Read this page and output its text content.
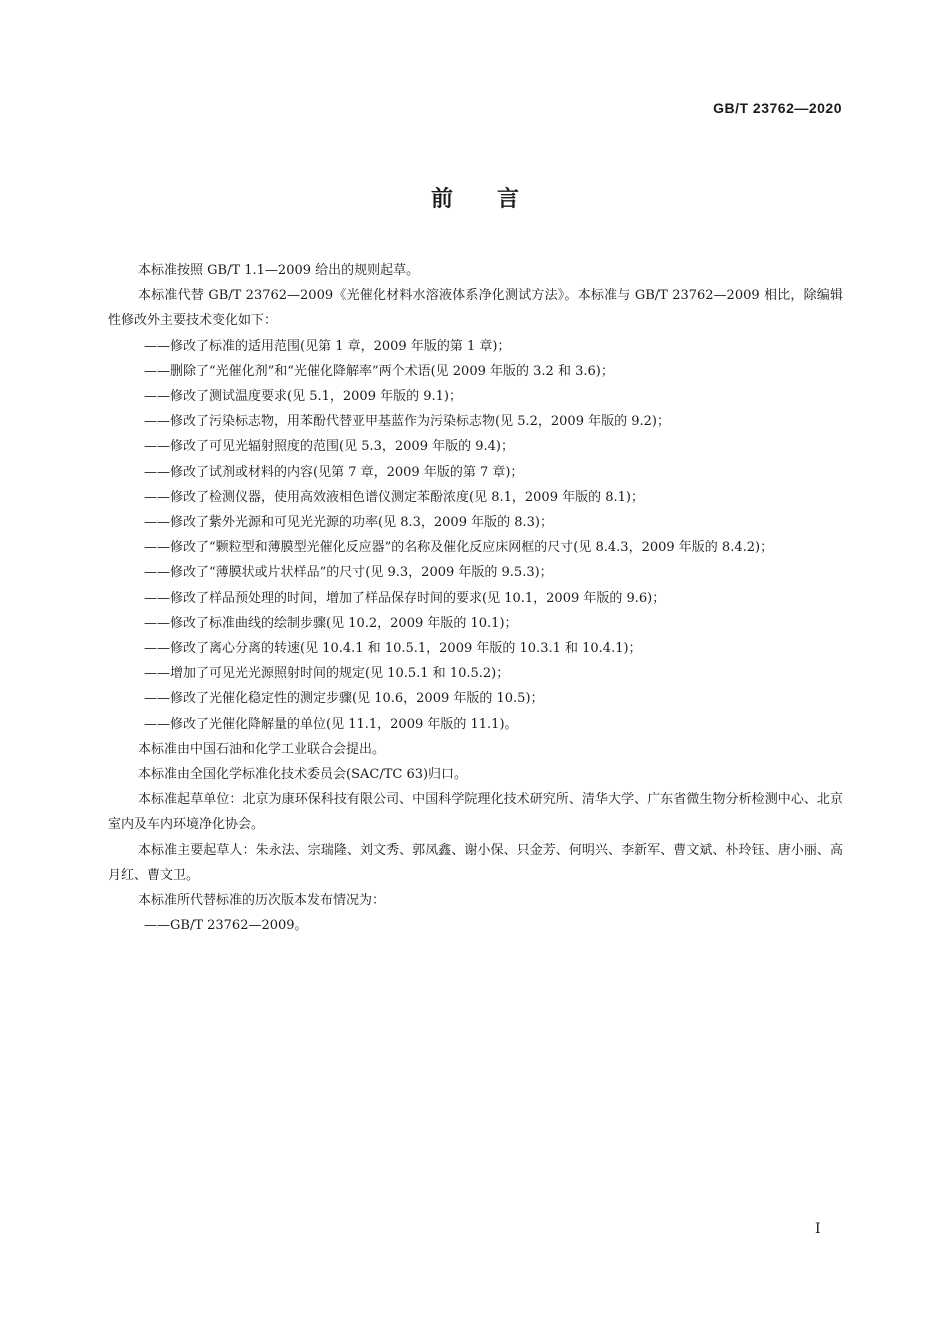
GB/T 23762—2020
前言

本标准按照 GB/T 1.1—2009 给出的规则起草。

本标准代替 GB/T 23762—2009《光催化材料水溶液体系净化测试方法》。本标准与 GB/T 23762—2009 相比，除编辑性修改外主要技术变化如下：

——修改了标准的适用范围(见第 1 章，2009 年版的第 1 章)；

——删除了“光催化剂”和“光催化降解率”两个术语(见 2009 年版的 3.2 和 3.6)；

——修改了测试温度要求(见 5.1，2009 年版的 9.1)；

——修改了污染标志物，用苯酚代替亚甲基蓝作为污染标志物(见 5.2，2009 年版的 9.2)；

——修改了可见光辐射照度的范围(见 5.3，2009 年版的 9.4)；

——修改了试剂或材料的内容(见第 7 章，2009 年版的第 7 章)；

——修改了检测仪器，使用高效液相色谱仪测定苯酚浓度(见 8.1，2009 年版的 8.1)；

——修改了紫外光源和可见光光源的功率(见 8.3，2009 年版的 8.3)；

——修改了“颗粒型和薄膜型光催化反应器”的名称及催化反应床网框的尺寸(见 8.4.3，2009 年版的 8.4.2)；

——修改了“薄膜状或片状样品”的尺寸(见 9.3，2009 年版的 9.5.3)；

——修改了样品预处理的时间，增加了样品保存时间的要求(见 10.1，2009 年版的 9.6)；

——修改了标准曲线的绘制步骤(见 10.2，2009 年版的 10.1)；

——修改了离心分离的转速(见 10.4.1 和 10.5.1，2009 年版的 10.3.1 和 10.4.1)；

——增加了可见光光源照射时间的规定(见 10.5.1 和 10.5.2)；

——修改了光催化稳定性的测定步骤(见 10.6，2009 年版的 10.5)；

——修改了光催化降解量的单位(见 11.1，2009 年版的 11.1)。

本标准由中国石油和化学工业联合会提出。

本标准由全国化学标准化技术委员会(SAC/TC 63)归口。

本标准起草单位：北京为康环保科技有限公司、中国科学院理化技术研究所、清华大学、广东省微生物分析检测中心、北京室内及车内环境净化协会。

本标准主要起草人：朱永法、宗瑞隆、刘文秀、郭凤鑫、谢小保、只金芳、何明兴、李新军、曹文斌、朴玲钰、唐小丽、高月红、曹文卫。

本标准所代替标准的历次版本发布情况为：

——GB/T 23762—2009。

I
